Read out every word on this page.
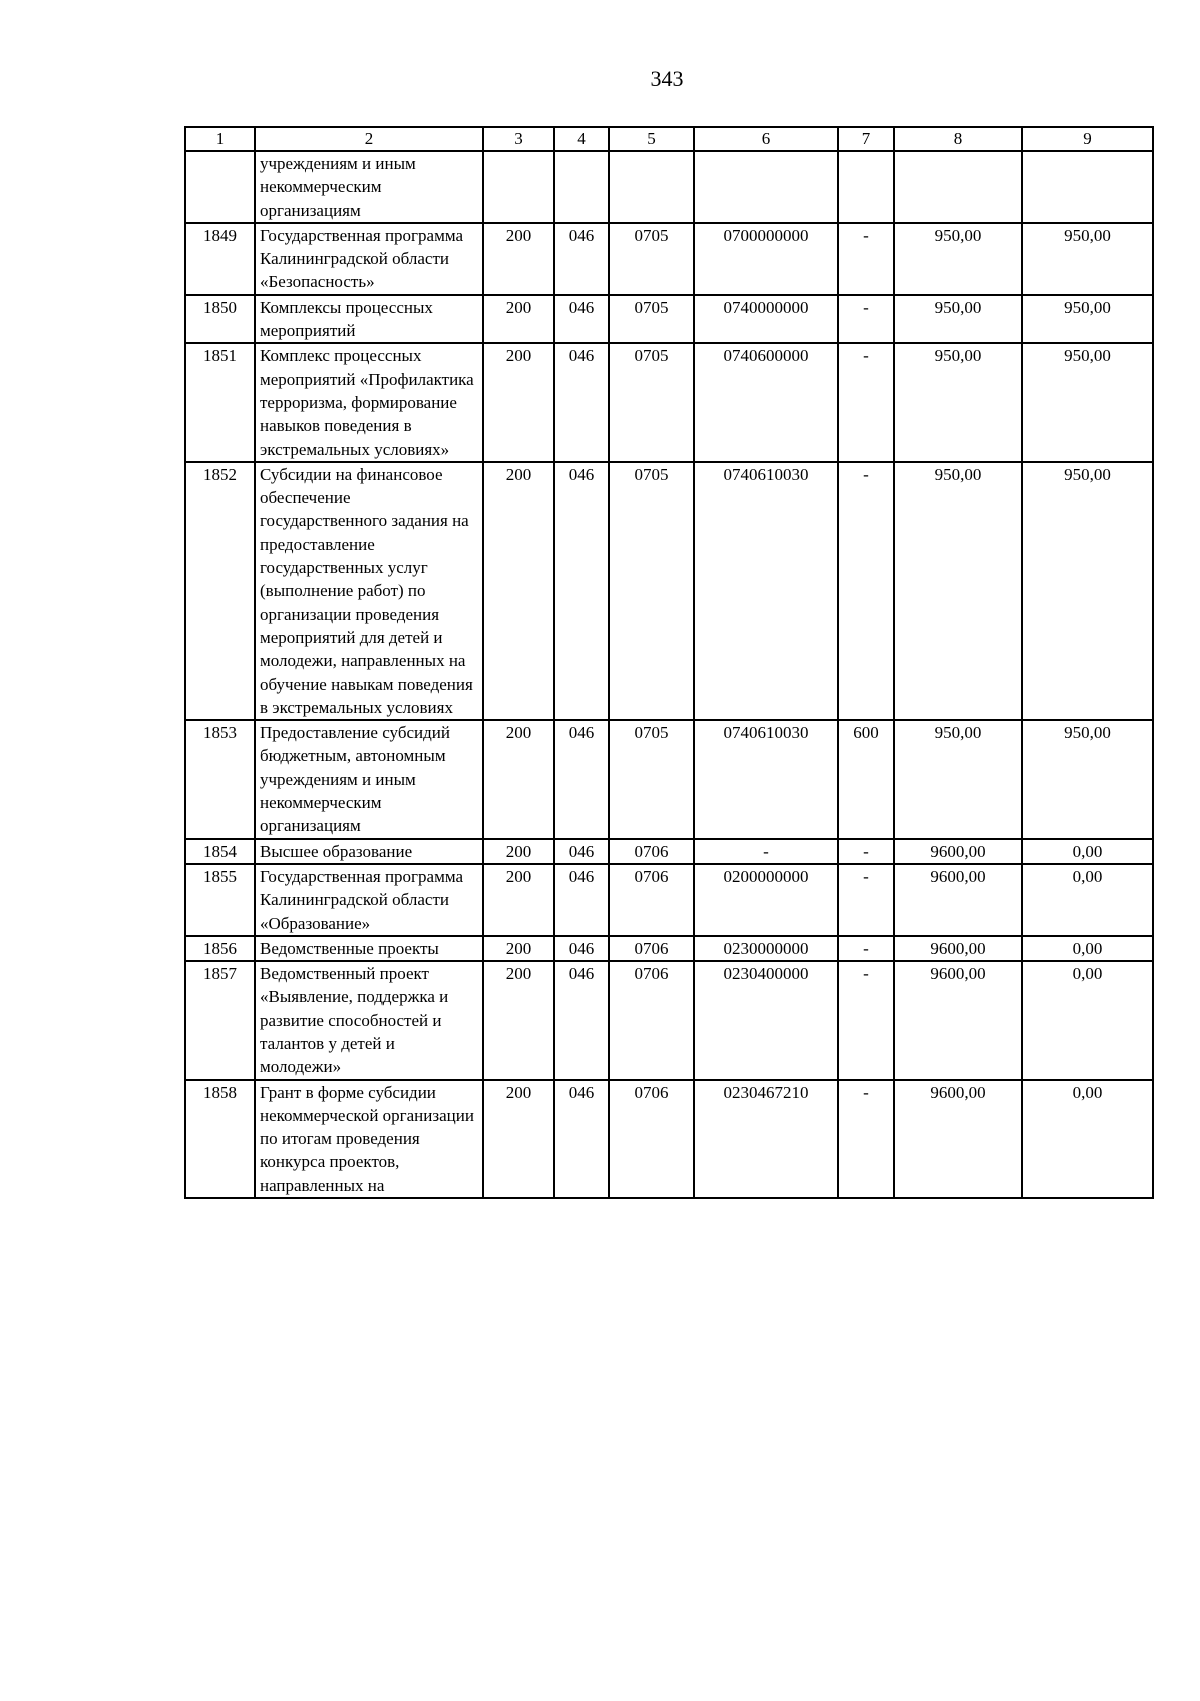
343
1	2	3	4	5	6	7	8	9
	учреждениям и иным некоммерческим организациям							
1849	Государственная программа Калининградской области «Безопасность»	200	046	0705	0700000000	-	950,00	950,00
1850	Комплексы процессных мероприятий	200	046	0705	0740000000	-	950,00	950,00
1851	Комплекс процессных мероприятий «Профилактика терроризма, формирование навыков поведения в экстремальных условиях»	200	046	0705	0740600000	-	950,00	950,00
1852	Субсидии на финансовое обеспечение государственного задания на предоставление государственных услуг (выполнение работ) по организации проведения мероприятий для детей и молодежи, направленных на обучение навыкам поведения в экстремальных условиях	200	046	0705	0740610030	-	950,00	950,00
1853	Предоставление субсидий бюджетным, автономным учреждениям и иным некоммерческим организациям	200	046	0705	0740610030	600	950,00	950,00
1854	Высшее образование	200	046	0706	-	-	9600,00	0,00
1855	Государственная программа Калининградской области «Образование»	200	046	0706	0200000000	-	9600,00	0,00
1856	Ведомственные проекты	200	046	0706	0230000000	-	9600,00	0,00
1857	Ведомственный проект «Выявление, поддержка и развитие способностей и талантов у детей и молодежи»	200	046	0706	0230400000	-	9600,00	0,00
1858	Грант в форме субсидии некоммерческой организации по итогам проведения конкурса проектов, направленных на	200	046	0706	0230467210	-	9600,00	0,00
